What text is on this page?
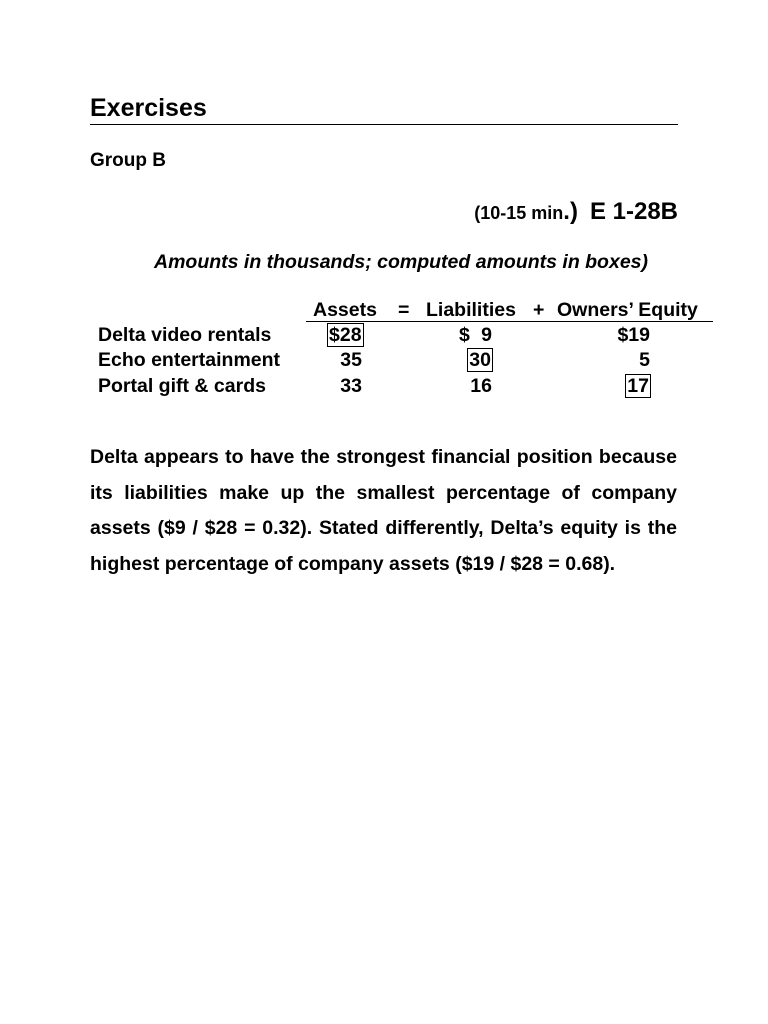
Exercises
Group B
(10-15 min.) E 1-28B
Amounts in thousands; computed amounts in boxes)
Assets = Liabilities + Owners’ Equity
Delta video rentals	$28	$ 9	$19
Echo entertainment	35	30	5
Portal gift & cards	33	16	17

Delta appears to have the strongest financial position because its liabilities make up the smallest percentage of company assets ($9 / $28 = 0.32). Stated differently, Delta’s equity is the highest percentage of company assets ($19 / $28 = 0.68).
